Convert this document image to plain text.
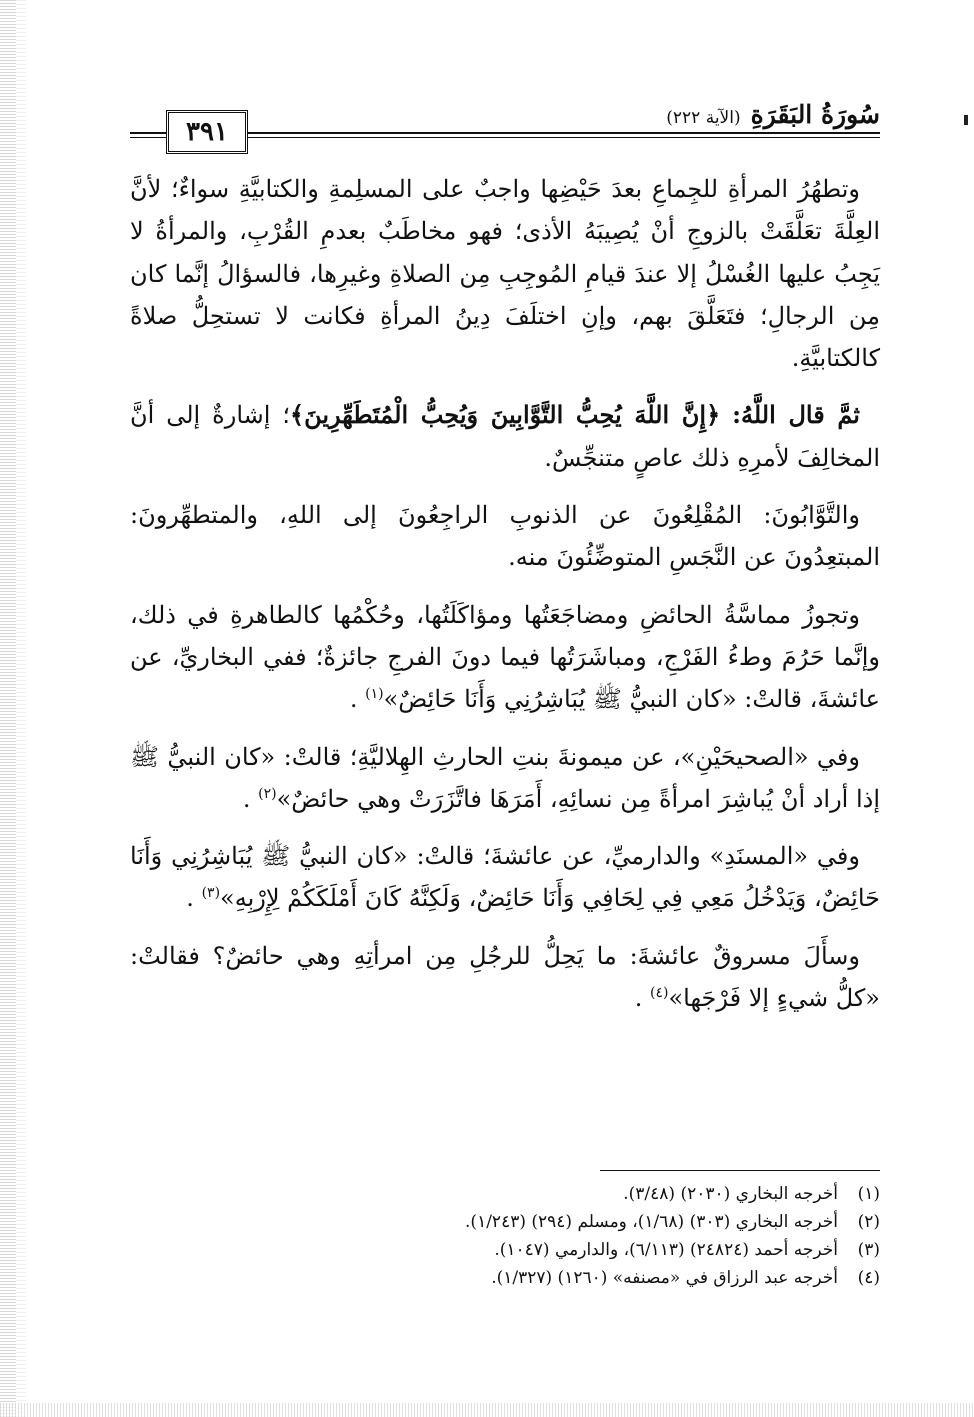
٣٩١
سُورَةُ البَقَرَةِ
(الآية ٢٢٢)

وتطهُرُ المرأةِ للجِماعِ بعدَ حَيْضِها واجبٌ على المسلِمةِ والكتابيَّةِ سواءٌ؛ لأنَّ العِلَّةَ تعَلَّقَتْ بالزوجِ أنْ يُصِيبَهُ الأذى؛ فهو مخاطَبٌ بعدمِ القُرْبِ، والمرأةُ لا يَجِبُ عليها الغُسْلُ إلا عندَ قيامِ المُوجِبِ مِن الصلاةِ وغيرِها، فالسؤالُ إنَّما كان مِن الرجالِ؛ فتَعَلَّقَ بهم، وإنِ اختلَفَ دِينُ المرأةِ فكانت لا تستحِلُّ صلاةً كالكتابيَّةِ.

ثمَّ قال اللَّهُ: ﴿إِنَّ اللَّهَ يُحِبُّ التَّوَّابِينَ وَيُحِبُّ الْمُتَطَهِّرِينَ﴾؛ إشارةٌ إلى أنَّ المخالِفَ لأمرِهِ ذلك عاصٍ متنجِّسٌ.

والتَّوَّابُونَ: المُقْلِعُونَ عن الذنوبِ الراجِعُونَ إلى اللهِ، والمتطهِّرونَ: المبتعِدُونَ عن النَّجَسِ المتوضِّئُونَ منه.

وتجوزُ مماسَّةُ الحائضِ ومضاجَعَتُها ومؤاكَلَتُها، وحُكْمُها كالطاهرةِ في ذلك، وإنَّما حَرُمَ وطءُ الفَرْجِ، ومباشَرَتُها فيما دونَ الفرجِ جائزةٌ؛ ففي البخاريِّ، عن عائشةَ، قالتْ: «كان النبيُّ ﷺ يُبَاشِرُنِي وَأَنَا حَائِضٌ»$^{(١)}$ .

وفي «الصحيحَيْنِ»، عن ميمونةَ بنتِ الحارثِ الهِلاليَّةِ؛ قالتْ: «كان النبيُّ ﷺ إذا أراد أنْ يُباشِرَ امرأةً مِن نسائِهِ، أَمَرَهَا فاتَّزَرَتْ وهي حائضٌ»$^{(٢)}$ .

وفي «المسنَدِ» والدارميِّ، عن عائشةَ؛ قالتْ: «كان النبيُّ ﷺ يُبَاشِرُنِي وَأَنَا حَائِضٌ، وَيَدْخُلُ مَعِي فِي لِحَافِي وَأَنَا حَائِضٌ، وَلَكِنَّهُ كَانَ أَمْلَكَكُمْ لِإِرْبِهِ»$^{(٣)}$ .

وسأَلَ مسروقٌ عائشةَ: ما يَحِلُّ للرجُلِ مِن امرأتِهِ وهي حائضٌ؟ فقالتْ: «كلُّ شيءٍ إلا فَرْجَها»$^{(٤)}$ .

(١)أخرجه البخاري (٢٠٣٠) (٣/٤٨).
(٢)أخرجه البخاري (٣٠٣) (١/٦٨)، ومسلم (٢٩٤) (١/٢٤٣).
(٣)أخرجه أحمد (٢٤٨٢٤) (٦/١١٣)، والدارمي (١٠٤٧).
(٤)أخرجه عبد الرزاق في «مصنفه» (١٢٦٠) (١/٣٢٧).
